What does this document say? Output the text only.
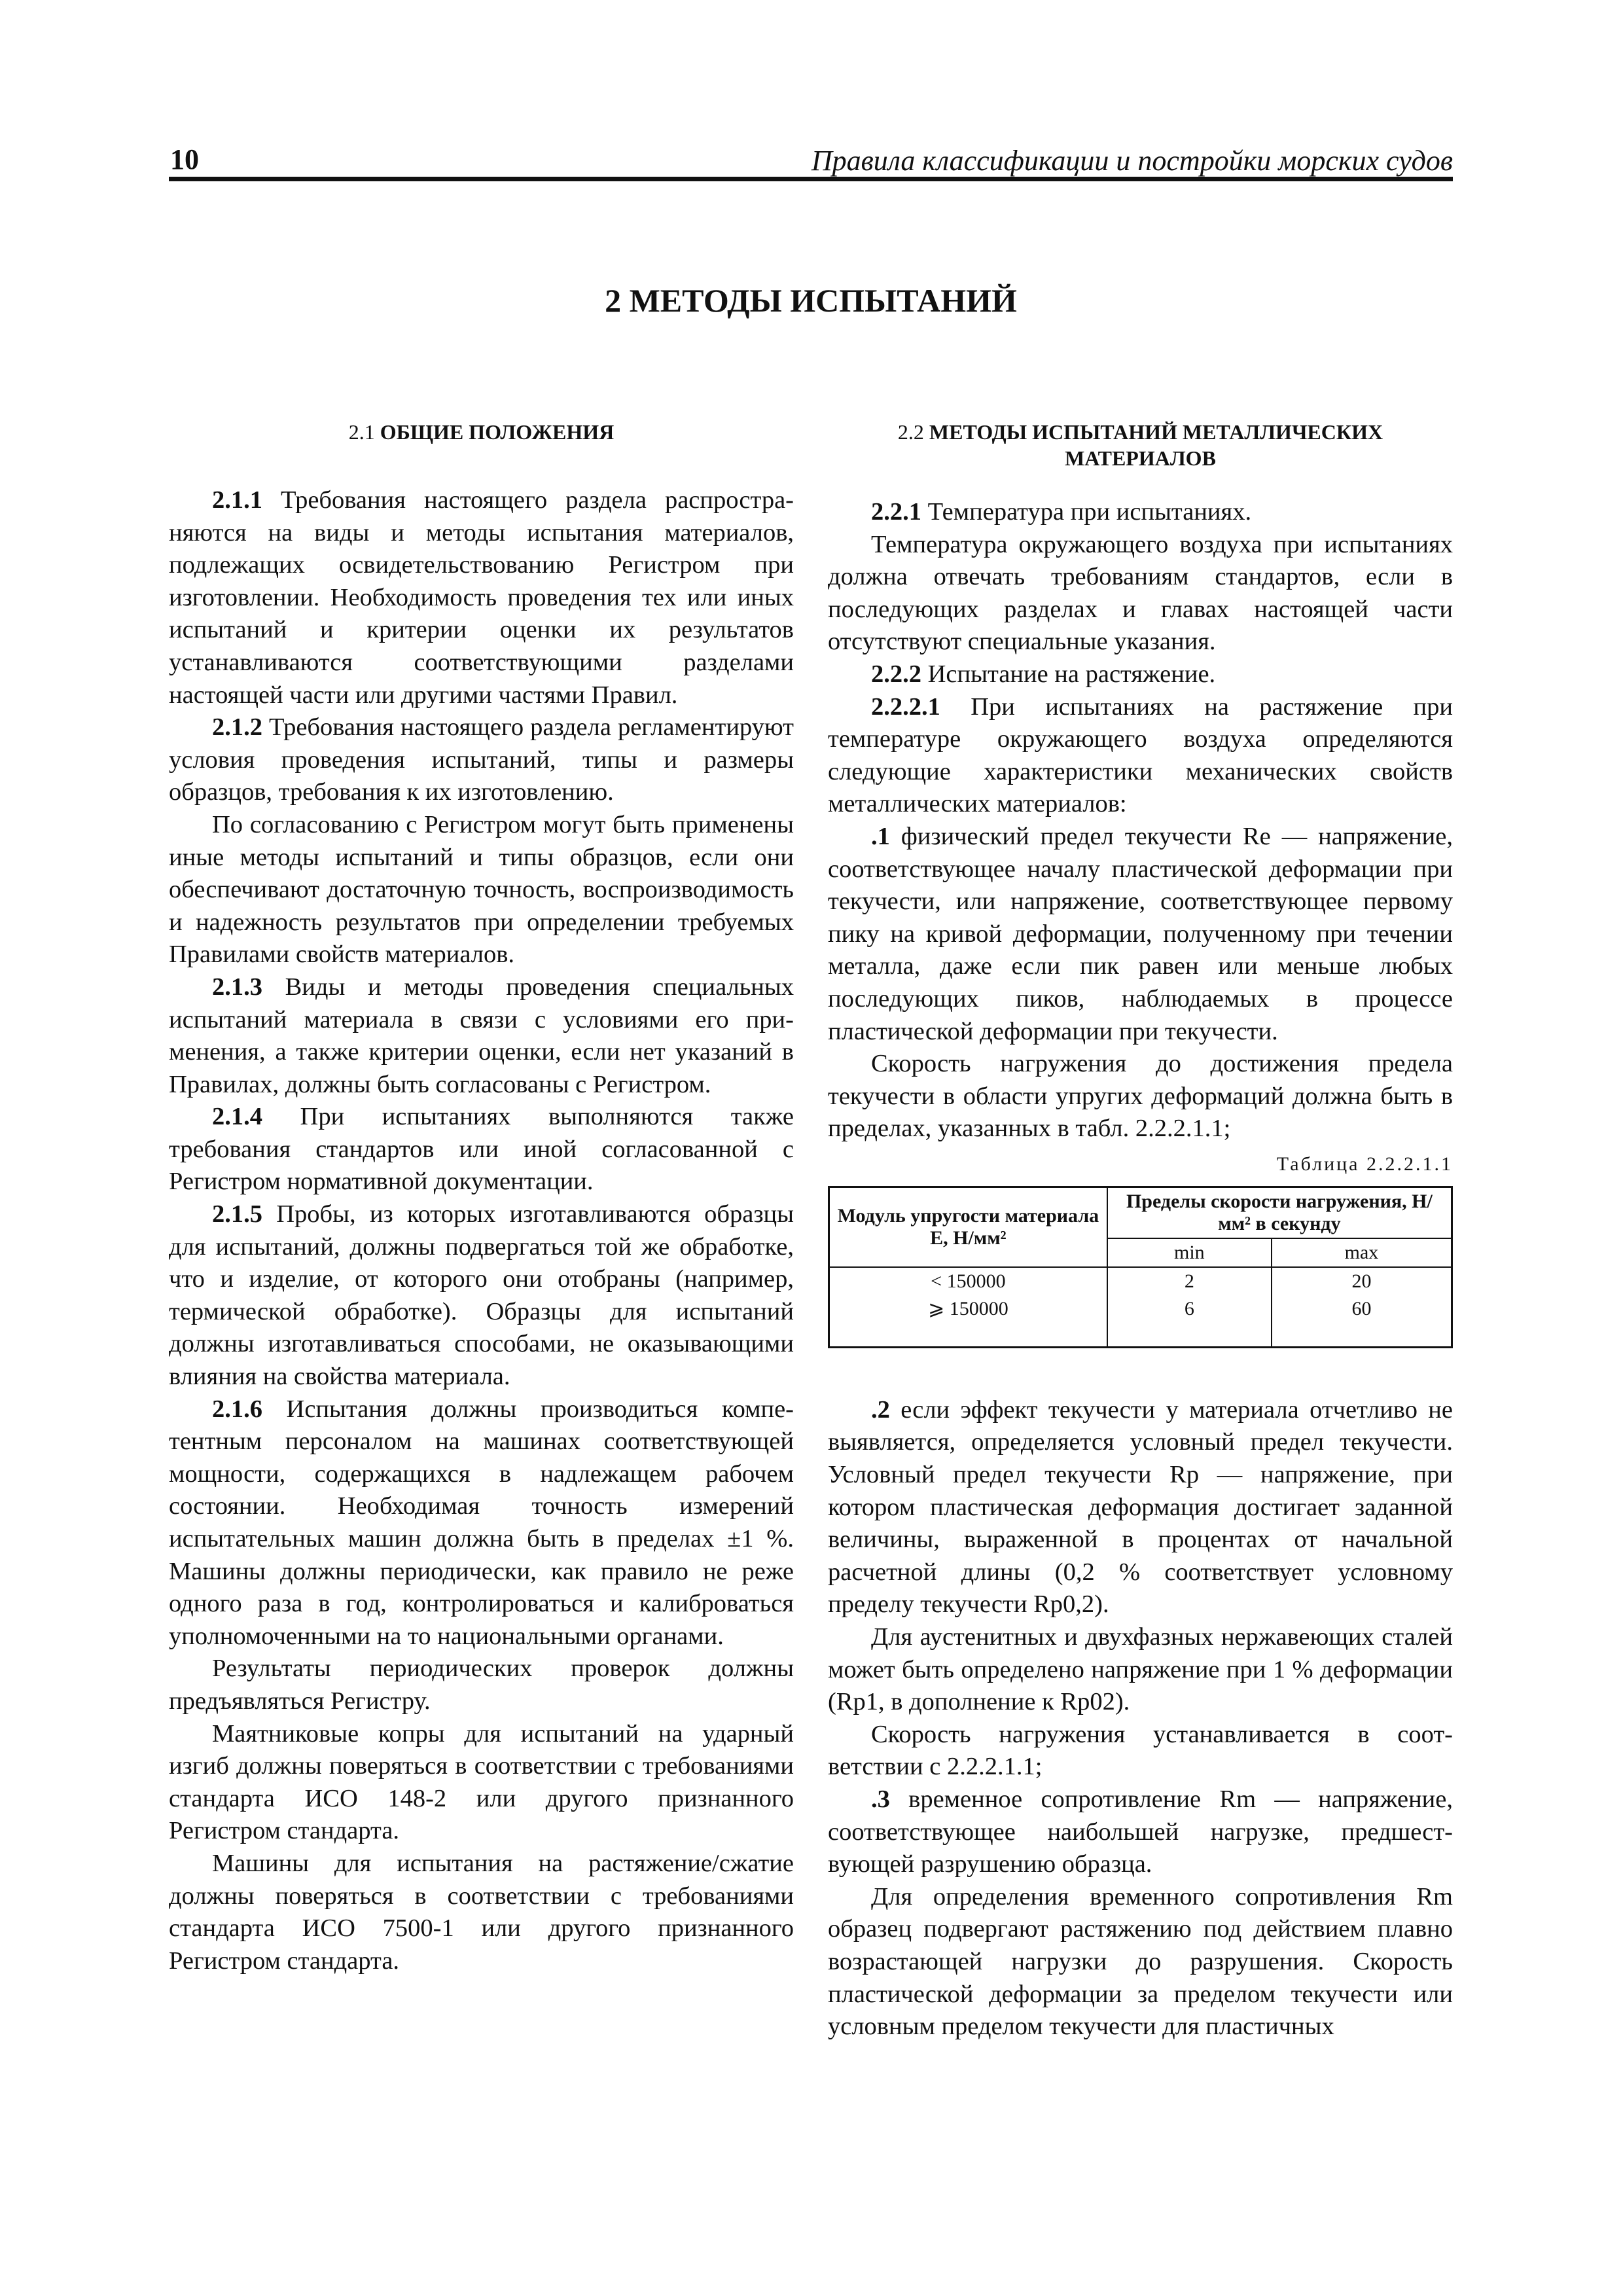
10	Правила классификации и постройки морских судов
2 МЕТОДЫ ИСПЫТАНИЙ
2.1 ОБЩИЕ ПОЛОЖЕНИЯ

2.1.1 Требования настоящего раздела распространяются на виды и методы испытания материалов, подлежащих освидетельствованию Регистром при изготовлении. Необходимость проведения тех или иных испытаний и критерии оценки их результатов устанавливаются соответствующими разделами настоящей части или другими частями Правил.

2.1.2 Требования настоящего раздела регламентируют условия проведения испытаний, типы и размеры образцов, требования к их изготовлению.

По согласованию с Регистром могут быть применены иные методы испытаний и типы образцов, если они обеспечивают достаточную точность, воспроизводимость и надежность результатов при определении требуемых Правилами свойств материалов.

2.1.3 Виды и методы проведения специальных испытаний материала в связи с условиями его применения, а также критерии оценки, если нет указаний в Правилах, должны быть согласованы с Регистром.

2.1.4 При испытаниях выполняются также требования стандартов или иной согласованной с Регистром нормативной документации.

2.1.5 Пробы, из которых изготавливаются образцы для испытаний, должны подвергаться той же обработке, что и изделие, от которого они отобраны (например, термической обработке). Образцы для испытаний должны изготавливаться способами, не оказывающими влияния на свойства материала.

2.1.6 Испытания должны производиться компетентным персоналом на машинах соответствующей мощности, содержащихся в надлежащем рабочем состоянии. Необходимая точность измерений испытательных машин должна быть в пределах ±1 %. Машины должны периодически, как правило не реже одного раза в год, контролироваться и калиброваться уполномоченными на то национальными органами.

Результаты периодических проверок должны предъявляться Регистру.

Маятниковые копры для испытаний на ударный изгиб должны поверяться в соответствии с требованиями стандарта ИСО 148-2 или другого признанного Регистром стандарта.

Машины для испытания на растяжение/сжатие должны поверяться в соответствии с требованиями стандарта ИСО 7500-1 или другого признанного Регистром стандарта.

2.2 МЕТОДЫ ИСПЫТАНИЙ МЕТАЛЛИЧЕСКИХ
МАТЕРИАЛОВ

2.2.1 Температура при испытаниях.

Температура окружающего воздуха при испытаниях должна отвечать требованиям стандартов, если в последующих разделах и главах настоящей части отсутствуют специальные указания.

2.2.2 Испытание на растяжение.

2.2.2.1 При испытаниях на растяжение при температуре окружающего воздуха определяются следующие характеристики механических свойств металлических материалов:

.1 физический предел текучести Re — напряжение, соответствующее началу пластической деформации при текучести, или напряжение, соответствующее первому пику на кривой деформации, полученному при течении металла, даже если пик равен или меньше любых последующих пиков, наблюдаемых в процессе пластической деформации при текучести.

Скорость нагружения до достижения предела текучести в области упругих деформаций должна быть в пределах, указанных в табл. 2.2.2.1.1;

Таблица 2.2.2.1.1
Модуль упругости материала E, Н/мм²	Пределы скорости нагружения, Н/мм² в секунду	
	min	max
< 150000	2	20
⩾ 150000	6	60

.2 если эффект текучести у материала отчетливо не выявляется, определяется условный предел текучести. Условный предел текучести Rp — напряжение, при котором пластическая деформация достигает заданной величины, выраженной в процентах от начальной расчетной длины (0,2 % соответствует условному пределу текучести Rp0,2).

Для аустенитных и двухфазных нержавеющих сталей может быть определено напряжение при 1 % деформации (Rp1, в дополнение к Rp02).

Скорость нагружения устанавливается в соответствии с 2.2.2.1.1;

.3 временное сопротивление Rm — напряжение, соответствующее наибольшей нагрузке, предшествующей разрушению образца.

Для определения временного сопротивления Rm образец подвергают растяжению под действием плавно возрастающей нагрузки до разрушения. Скорость пластической деформации за пределом текучести или условным пределом текучести для пластичных
